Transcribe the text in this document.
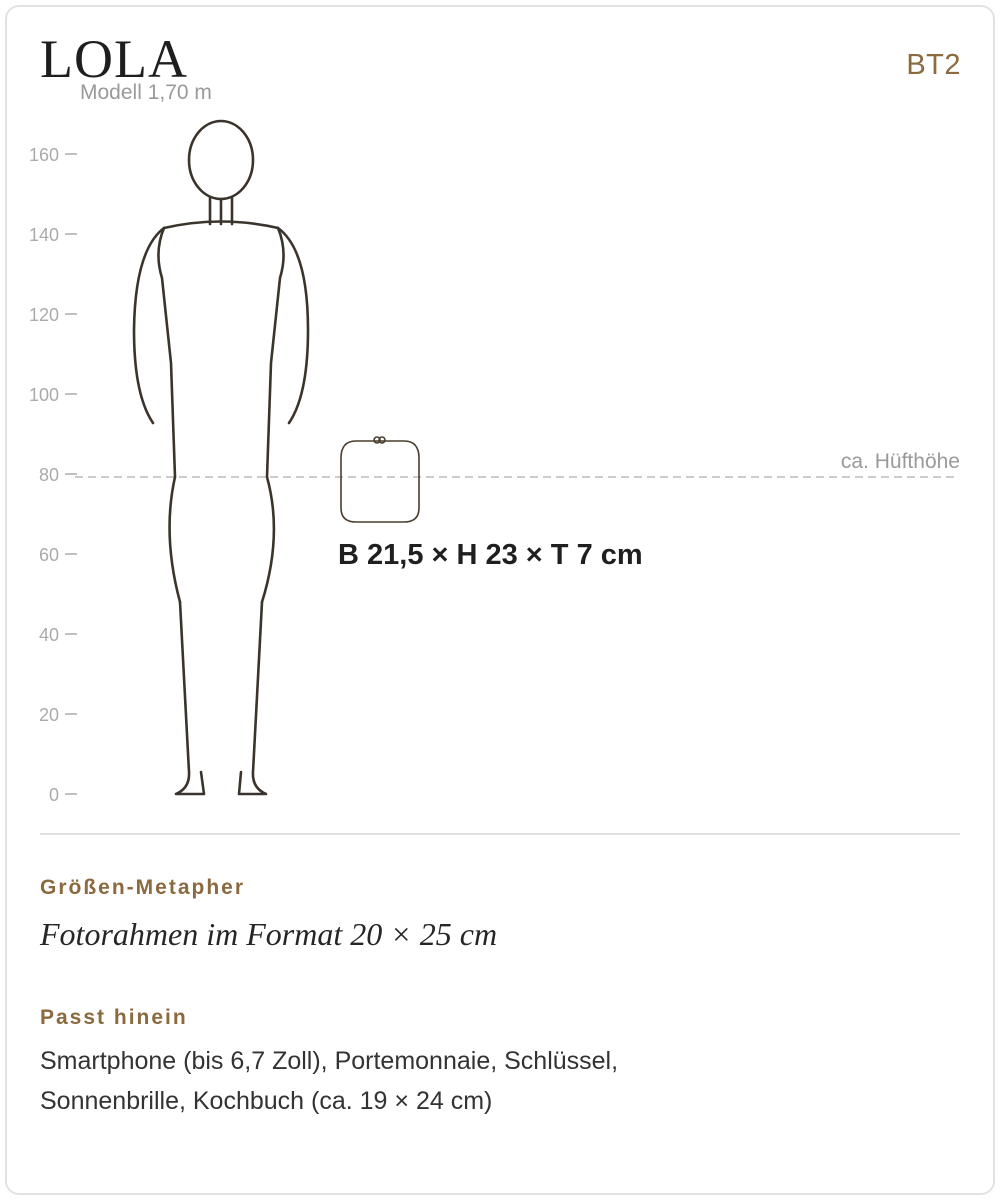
LOLA	BT2
Modell 1,70 m
160
140
120
100
80
60
40
20
0
ca. Hüfthöhe
B 21,5 × H 23 × T 7 cm
Größen-Metapher
Fotorahmen im Format 20 × 25 cm
Passt hinein
Smartphone (bis 6,7 Zoll), Portemonnaie, Schlüssel, Sonnenbrille, Kochbuch (ca. 19 × 24 cm)
